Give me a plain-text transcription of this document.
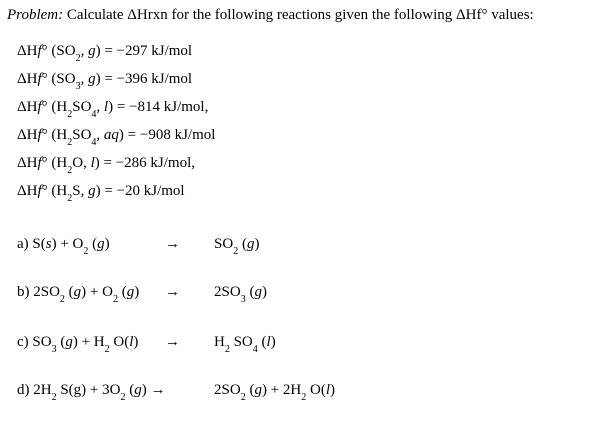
Problem: Calculate ΔHrxn for the following reactions given the following ΔHf° values:
ΔHf° ($SO_2$, g) = −297 kJ/mol
ΔHf° ($SO_3$, g) = −396 kJ/mol
ΔHf° ($H_2SO_4$, l) = −814 kJ/mol,
ΔHf° ($H_2SO_4$, aq) = −908 kJ/mol
ΔHf° ($H_2O$, l) = −286 kJ/mol,
ΔHf° ($H_2S$, g) = −20 kJ/mol
a) $S(s) + O_2$ (g)	→ $SO_2$ (g)
b) $2SO_2$ $(g) + O_2$ $(g) \to 2SO_3$ (g)
c) $SO_3$ $(g) + H_2$ $O(l) \to H_2$ $SO_4$ (l)
d) $2H_2$ $S(g) + 3O_2$ (g) →	$2SO_2$ $(g) + 2H_2$ O(l)
